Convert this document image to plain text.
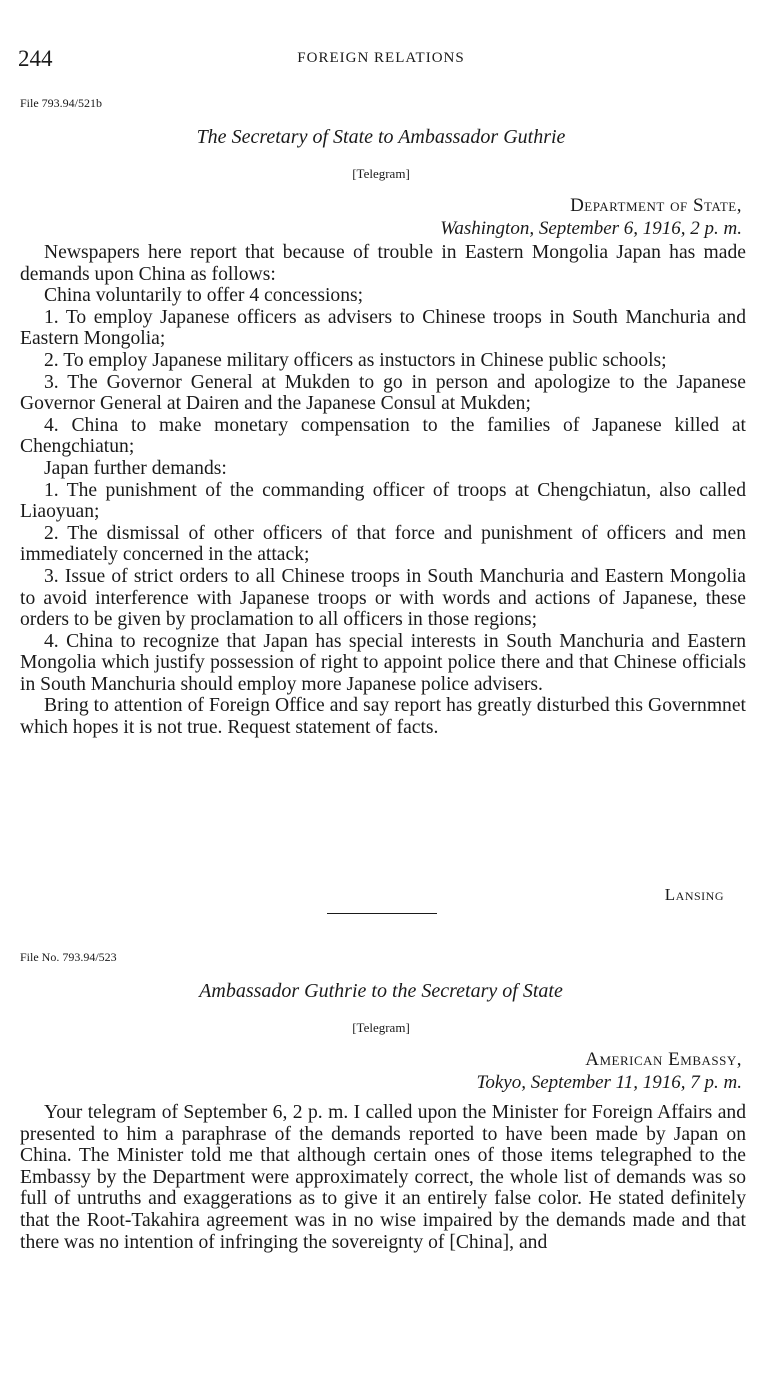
244	FOREIGN RELATIONS
File 793.94/521b
The Secretary of State to Ambassador Guthrie
[Telegram]
Department of State,
Washington, September 6, 1916, 2 p. m.

Newspapers here report that because of trouble in Eastern Mongolia Japan has made demands upon China as follows:

China voluntarily to offer 4 concessions;

1. To employ Japanese officers as advisers to Chinese troops in South Manchuria and Eastern Mongolia;

2. To employ Japanese military officers as instuctors in Chinese public schools;

3. The Governor General at Mukden to go in person and apologize to the Japanese Governor General at Dairen and the Japanese Consul at Mukden;

4. China to make monetary compensation to the families of Japanese killed at Chengchiatun;

Japan further demands:

1. The punishment of the commanding officer of troops at Chengchiatun, also called Liaoyuan;

2. The dismissal of other officers of that force and punishment of officers and men immediately concerned in the attack;

3. Issue of strict orders to all Chinese troops in South Manchuria and Eastern Mongolia to avoid interference with Japanese troops or with words and actions of Japanese, these orders to be given by proclamation to all officers in those regions;

4. China to recognize that Japan has special interests in South Manchuria and Eastern Mongolia which justify possession of right to appoint police there and that Chinese officials in South Manchuria should employ more Japanese police advisers.

Bring to attention of Foreign Office and say report has greatly disturbed this Governmnet which hopes it is not true. Request statement of facts.

Lansing
File No. 793.94/523
Ambassador Guthrie to the Secretary of State
[Telegram]
American Embassy,
Tokyo, September 11, 1916, 7 p. m.

Your telegram of September 6, 2 p. m. I called upon the Minister for Foreign Affairs and presented to him a paraphrase of the demands reported to have been made by Japan on China. The Minister told me that although certain ones of those items telegraphed to the Embassy by the Department were approximately correct, the whole list of demands was so full of untruths and exaggerations as to give it an entirely false color. He stated definitely that the Root-Takahira agreement was in no wise impaired by the demands made and that there was no intention of infringing the sovereignty of [China], and
